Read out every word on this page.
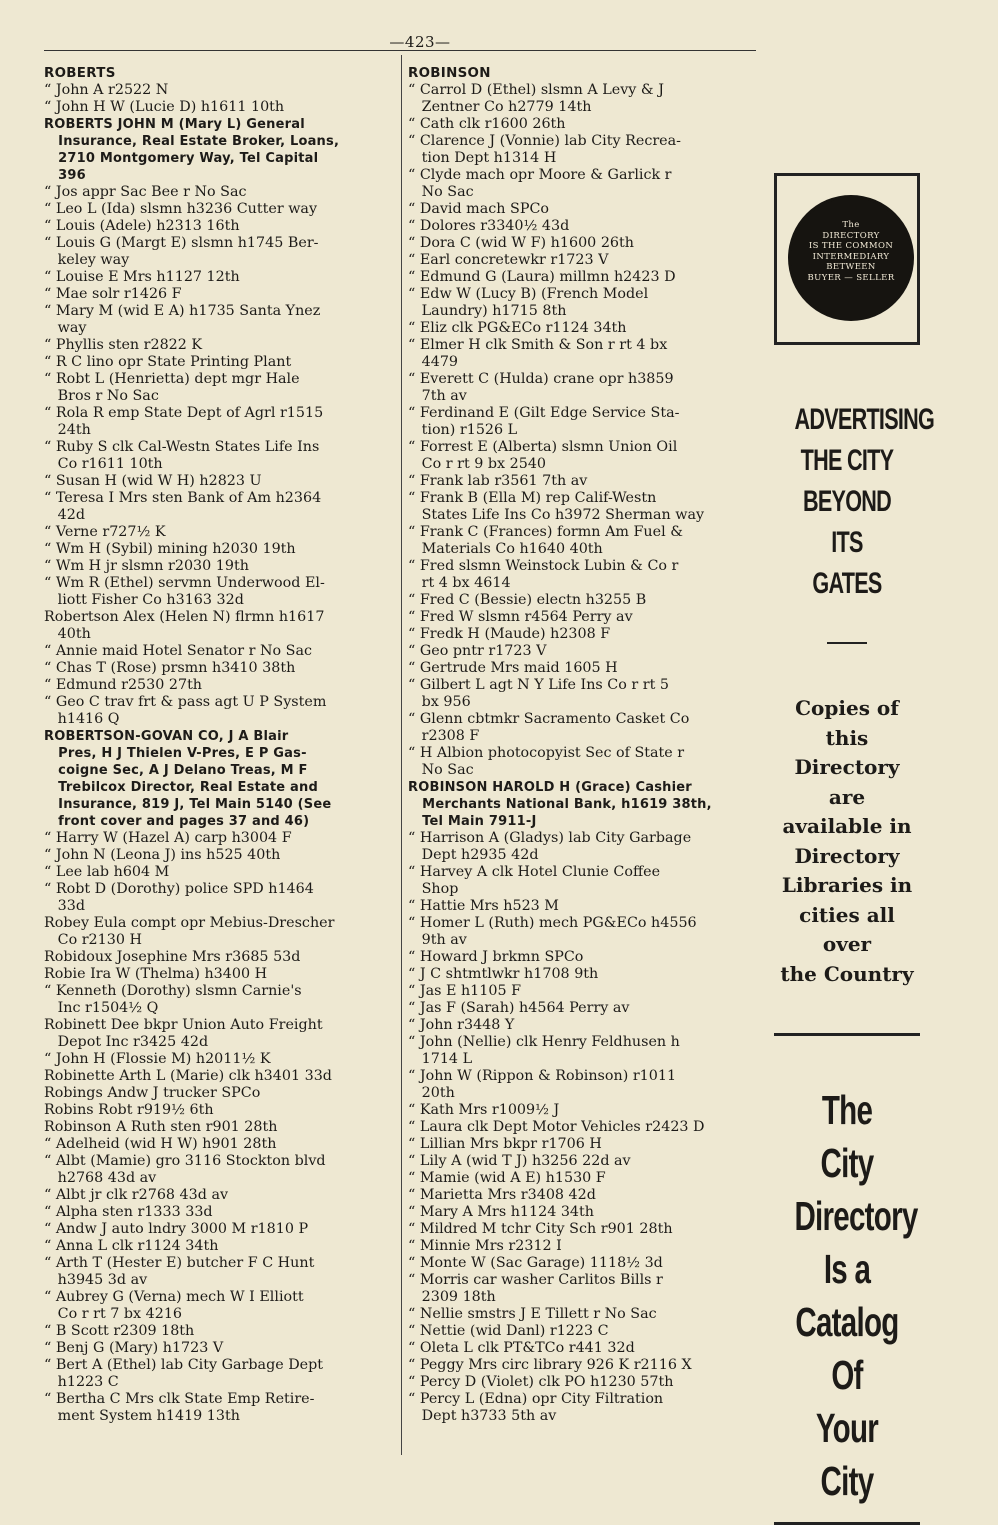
—423—
ROBERTS
“ John A r2522 N
“ John H W (Lucie D) h1611 10th
ROBERTS JOHN M (Mary L) General
Insurance, Real Estate Broker, Loans,
2710 Montgomery Way, Tel Capital
396
“ Jos appr Sac Bee r No Sac
“ Leo L (Ida) slsmn h3236 Cutter way
“ Louis (Adele) h2313 16th
“ Louis G (Margt E) slsmn h1745 Ber-
keley way
“ Louise E Mrs h1127 12th
“ Mae solr r1426 F
“ Mary M (wid E A) h1735 Santa Ynez
way
“ Phyllis sten r2822 K
“ R C lino opr State Printing Plant
“ Robt L (Henrietta) dept mgr Hale
Bros r No Sac
“ Rola R emp State Dept of Agrl r1515
24th
“ Ruby S clk Cal-Westn States Life Ins
Co r1611 10th
“ Susan H (wid W H) h2823 U
“ Teresa I Mrs sten Bank of Am h2364
42d
“ Verne r727½ K
“ Wm H (Sybil) mining h2030 19th
“ Wm H jr slsmn r2030 19th
“ Wm R (Ethel) servmn Underwood El-
liott Fisher Co h3163 32d
Robertson Alex (Helen N) flrmn h1617
40th
“ Annie maid Hotel Senator r No Sac
“ Chas T (Rose) prsmn h3410 38th
“ Edmund r2530 27th
“ Geo C trav frt & pass agt U P System
h1416 Q
ROBERTSON-GOVAN CO, J A Blair
Pres, H J Thielen V-Pres, E P Gas-
coigne Sec, A J Delano Treas, M F
Trebilcox Director, Real Estate and
Insurance, 819 J, Tel Main 5140 (See
front cover and pages 37 and 46)
“ Harry W (Hazel A) carp h3004 F
“ John N (Leona J) ins h525 40th
“ Lee lab h604 M
“ Robt D (Dorothy) police SPD h1464
33d
Robey Eula compt opr Mebius-Drescher
Co r2130 H
Robidoux Josephine Mrs r3685 53d
Robie Ira W (Thelma) h3400 H
“ Kenneth (Dorothy) slsmn Carnie's
Inc r1504½ Q
Robinett Dee bkpr Union Auto Freight
Depot Inc r3425 42d
“ John H (Flossie M) h2011½ K
Robinette Arth L (Marie) clk h3401 33d
Robings Andw J trucker SPCo
Robins Robt r919½ 6th
Robinson A Ruth sten r901 28th
“ Adelheid (wid H W) h901 28th
“ Albt (Mamie) gro 3116 Stockton blvd
h2768 43d av
“ Albt jr clk r2768 43d av
“ Alpha sten r1333 33d
“ Andw J auto lndry 3000 M r1810 P
“ Anna L clk r1124 34th
“ Arth T (Hester E) butcher F C Hunt
h3945 3d av
“ Aubrey G (Verna) mech W I Elliott
Co r rt 7 bx 4216
“ B Scott r2309 18th
“ Benj G (Mary) h1723 V
“ Bert A (Ethel) lab City Garbage Dept
h1223 C
“ Bertha C Mrs clk State Emp Retire-
ment System h1419 13th
ROBINSON
“ Carrol D (Ethel) slsmn A Levy & J
Zentner Co h2779 14th
“ Cath clk r1600 26th
“ Clarence J (Vonnie) lab City Recrea-
tion Dept h1314 H
“ Clyde mach opr Moore & Garlick r
No Sac
“ David mach SPCo
“ Dolores r3340½ 43d
“ Dora C (wid W F) h1600 26th
“ Earl concretewkr r1723 V
“ Edmund G (Laura) millmn h2423 D
“ Edw W (Lucy B) (French Model
Laundry) h1715 8th
“ Eliz clk PG&ECo r1124 34th
“ Elmer H clk Smith & Son r rt 4 bx
4479
“ Everett C (Hulda) crane opr h3859
7th av
“ Ferdinand E (Gilt Edge Service Sta-
tion) r1526 L
“ Forrest E (Alberta) slsmn Union Oil
Co r rt 9 bx 2540
“ Frank lab r3561 7th av
“ Frank B (Ella M) rep Calif-Westn
States Life Ins Co h3972 Sherman way
“ Frank C (Frances) formn Am Fuel &
Materials Co h1640 40th
“ Fred slsmn Weinstock Lubin & Co r
rt 4 bx 4614
“ Fred C (Bessie) electn h3255 B
“ Fred W slsmn r4564 Perry av
“ Fredk H (Maude) h2308 F
“ Geo pntr r1723 V
“ Gertrude Mrs maid 1605 H
“ Gilbert L agt N Y Life Ins Co r rt 5
bx 956
“ Glenn cbtmkr Sacramento Casket Co
r2308 F
“ H Albion photocopyist Sec of State r
No Sac
ROBINSON HAROLD H (Grace) Cashier
Merchants National Bank, h1619 38th,
Tel Main 7911-J
“ Harrison A (Gladys) lab City Garbage
Dept h2935 42d
“ Harvey A clk Hotel Clunie Coffee
Shop
“ Hattie Mrs h523 M
“ Homer L (Ruth) mech PG&ECo h4556
9th av
“ Howard J brkmn SPCo
“ J C shtmtlwkr h1708 9th
“ Jas E h1105 F
“ Jas F (Sarah) h4564 Perry av
“ John r3448 Y
“ John (Nellie) clk Henry Feldhusen h
1714 L
“ John W (Rippon & Robinson) r1011
20th
“ Kath Mrs r1009½ J
“ Laura clk Dept Motor Vehicles r2423 D
“ Lillian Mrs bkpr r1706 H
“ Lily A (wid T J) h3256 22d av
“ Mamie (wid A E) h1530 F
“ Marietta Mrs r3408 42d
“ Mary A Mrs h1124 34th
“ Mildred M tchr City Sch r901 28th
“ Minnie Mrs r2312 I
“ Monte W (Sac Garage) 1118½ 3d
“ Morris car washer Carlitos Bills r
2309 18th
“ Nellie smstrs J E Tillett r No Sac
“ Nettie (wid Danl) r1223 C
“ Oleta L clk PT&TCo r441 32d
“ Peggy Mrs circ library 926 K r2116 X
“ Percy D (Violet) clk PO h1230 57th
“ Percy L (Edna) opr City Filtration
Dept h3733 5th av
The
DIRECTORY
IS THE COMMON
INTERMEDIARY
BETWEEN
BUYER — SELLER
ADVERTISING
THE CITY
BEYOND
ITS GATES
Copies of
this
Directory are
available in
Directory
Libraries in
cities all
over
the Country
The City
Directory
Is a
Catalog Of
Your City
